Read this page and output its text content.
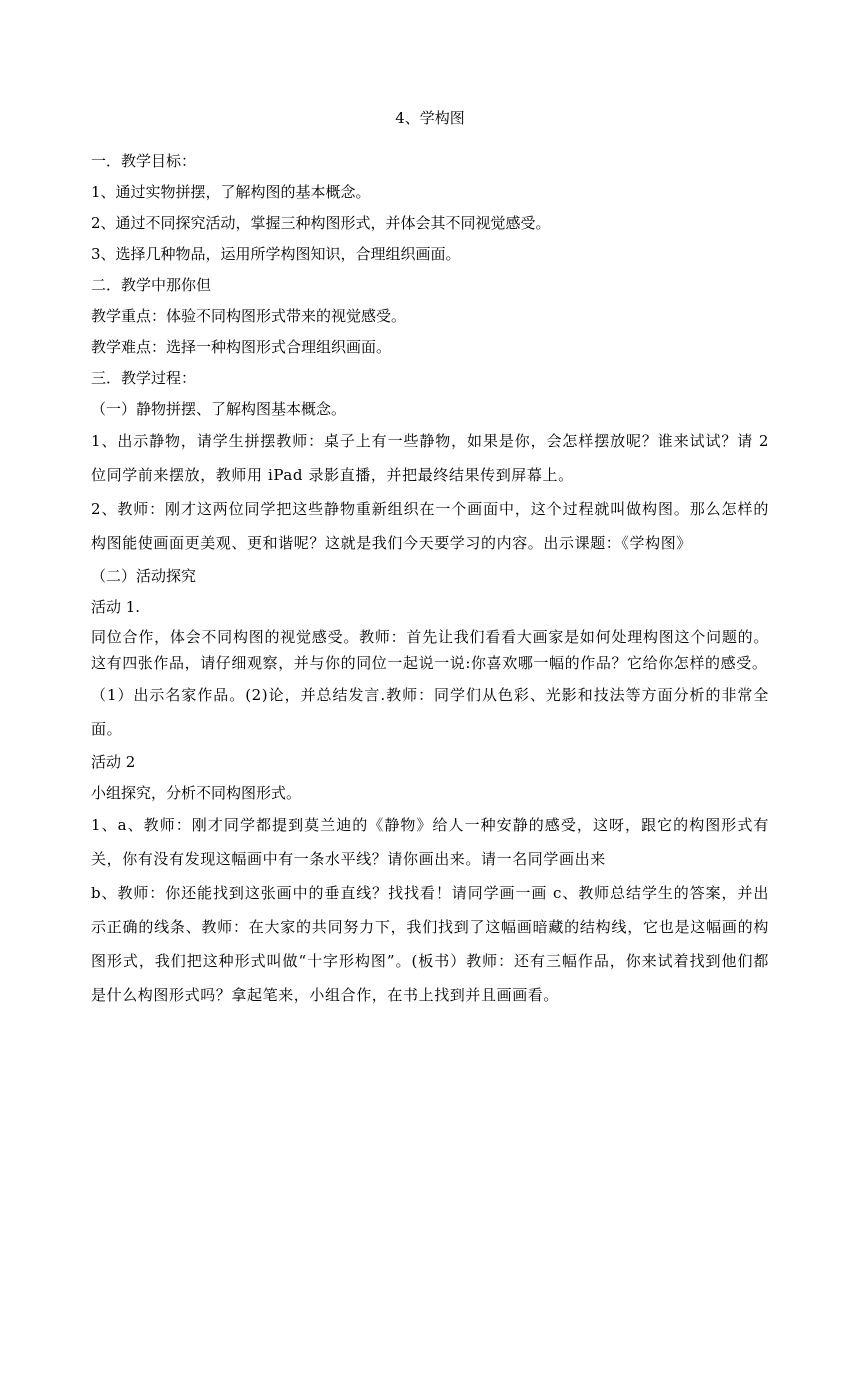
4、学构图

一．教学目标：

1、通过实物拼摆，了解构图的基本概念。

2、通过不同探究活动，掌握三种构图形式，并体会其不同视觉感受。

3、选择几种物品，运用所学构图知识，合理组织画面。

二．教学中那你但

教学重点：体验不同构图形式带来的视觉感受。

教学难点：选择一种构图形式合理组织画面。

三．教学过程：

（一）静物拼摆、了解构图基本概念。

1、出示静物，请学生拼摆教师：桌子上有一些静物，如果是你，会怎样摆放呢？谁来试试？请 2 位同学前来摆放，教师用 iPad 录影直播，并把最终结果传到屏幕上。

2、教师：刚才这两位同学把这些静物重新组织在一个画面中，这个过程就叫做构图。那么怎样的构图能使画面更美观、更和谐呢？这就是我们今天要学习的内容。出示课题：《学构图》

（二）活动探究

活动 1.

同位合作，体会不同构图的视觉感受。教师：首先让我们看看大画家是如何处理构图这个问题的。这有四张作品，请仔细观察，并与你的同位一起说一说:你喜欢哪一幅的作品？它给你怎样的感受。

（1）出示名家作品。(2)论，并总结发言.教师：同学们从色彩、光影和技法等方面分析的非常全面。

活动 2

小组探究，分析不同构图形式。

1、a、教师：刚才同学都提到莫兰迪的《静物》给人一种安静的感受，这呀，跟它的构图形式有关，你有没有发现这幅画中有一条水平线？请你画出来。请一名同学画出来

b、教师：你还能找到这张画中的垂直线？找找看！请同学画一画 c、教师总结学生的答案，并出示正确的线条、教师：在大家的共同努力下，我们找到了这幅画暗藏的结构线，它也是这幅画的构图形式，我们把这种形式叫做“十字形构图”。(板书）教师：还有三幅作品，你来试着找到他们都是什么构图形式吗？拿起笔来，小组合作，在书上找到并且画画看。
